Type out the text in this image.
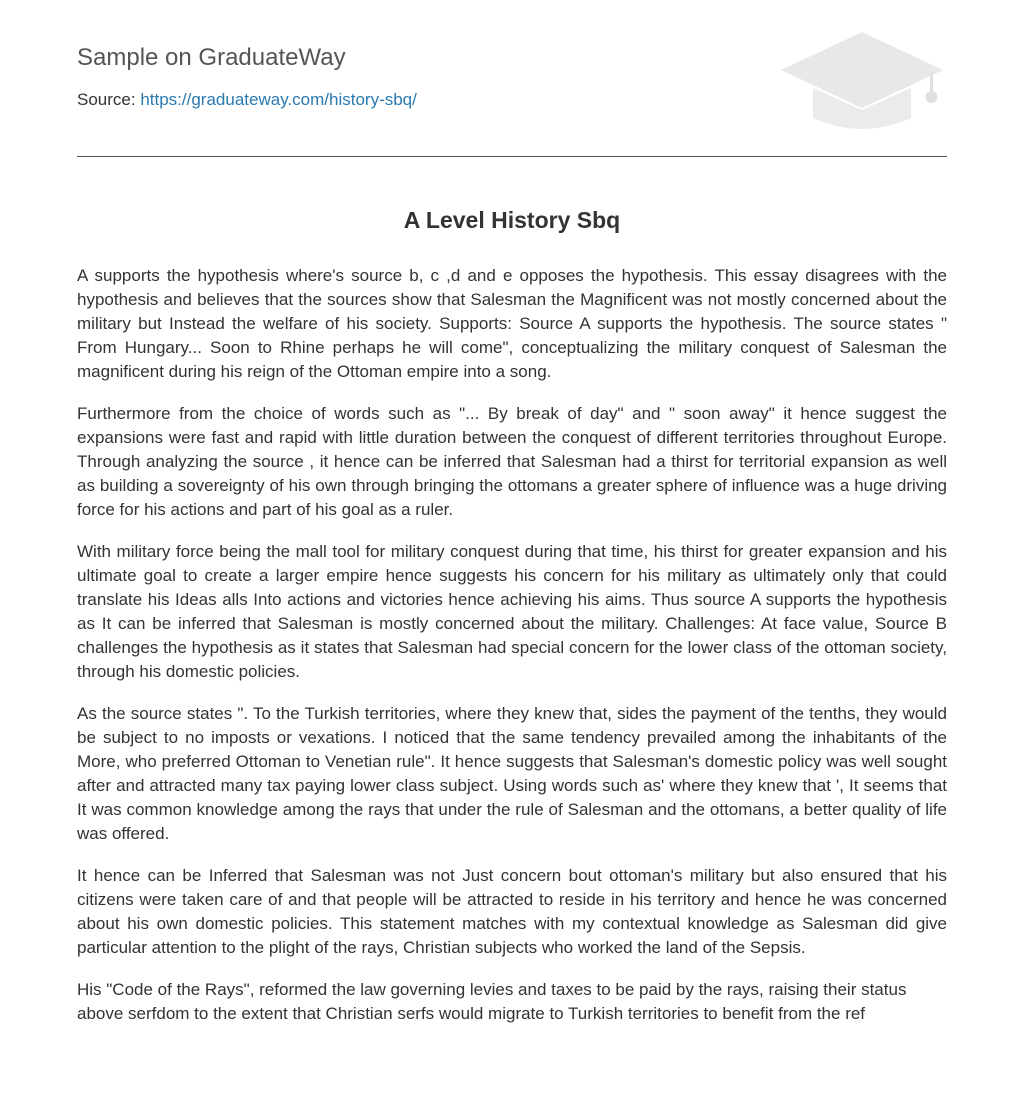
Sample on GraduateWay
Source: https://graduateway.com/history-sbq/
A Level History Sbq

A supports the hypothesis where's source b, c ,d and e opposes the hypothesis. This essay disagrees with the hypothesis and believes that the sources show that Salesman the Magnificent was not mostly concerned about the military but Instead the welfare of his society. Supports: Source A supports the hypothesis. The source states " From Hungary... Soon to Rhine perhaps he will come", conceptualizing the military conquest of Salesman the magnificent during his reign of the Ottoman empire into a song.

Furthermore from the choice of words such as "... By break of day" and " soon away" it hence suggest the expansions were fast and rapid with little duration between the conquest of different territories throughout Europe. Through analyzing the source , it hence can be inferred that Salesman had a thirst for territorial expansion as well as building a sovereignty of his own through bringing the ottomans a greater sphere of influence was a huge driving force for his actions and part of his goal as a ruler.

With military force being the mall tool for military conquest during that time, his thirst for greater expansion and his ultimate goal to create a larger empire hence suggests his concern for his military as ultimately only that could translate his Ideas alls Into actions and victories hence achieving his aims. Thus source A supports the hypothesis as It can be inferred that Salesman is mostly concerned about the military. Challenges: At face value, Source B challenges the hypothesis as it states that Salesman had special concern for the lower class of the ottoman society, through his domestic policies.

As the source states ". To the Turkish territories, where they knew that, sides the payment of the tenths, they would be subject to no imposts or vexations. I noticed that the same tendency prevailed among the inhabitants of the More, who preferred Ottoman to Venetian rule". It hence suggests that Salesman's domestic policy was well sought after and attracted many tax paying lower class subject. Using words such as' where they knew that ', It seems that It was common knowledge among the rays that under the rule of Salesman and the ottomans, a better quality of life was offered.

It hence can be Inferred that Salesman was not Just concern bout ottoman's military but also ensured that his citizens were taken care of and that people will be attracted to reside in his territory and hence he was concerned about his own domestic policies. This statement matches with my contextual knowledge as Salesman did give particular attention to the plight of the rays, Christian subjects who worked the land of the Sepsis.

His "Code of the Rays", reformed the law governing levies and taxes to be paid by the rays, raising their status above serfdom to the extent that Christian serfs would migrate to Turkish territories to benefit from the ref
